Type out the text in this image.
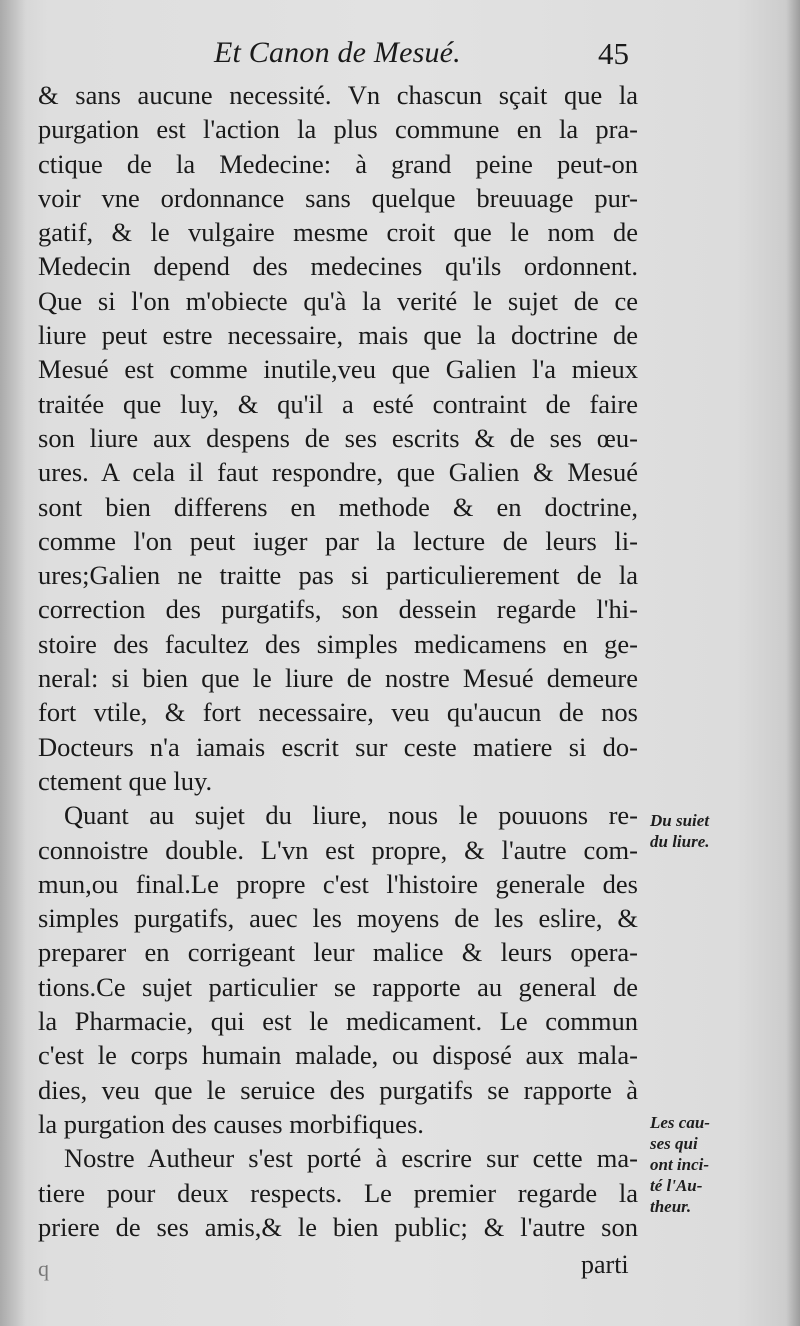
Et Canon de Mesué.	45
& sans aucune necessité. Vn chascun sçait que la
purgation est l'action la plus commune en la pra-
ctique de la Medecine: à grand peine peut-on
voir vne ordonnance sans quelque breuuage pur-
gatif, & le vulgaire mesme croit que le nom de
Medecin depend des medecines qu'ils ordonnent.
Que si l'on m'obiecte qu'à la verité le sujet de ce
liure peut estre necessaire, mais que la doctrine de
Mesué est comme inutile,veu que Galien l'a mieux
traitée que luy, & qu'il a esté contraint de faire
son liure aux despens de ses escrits & de ses œu-
ures. A cela il faut respondre, que Galien & Mesué
sont bien differens en methode & en doctrine,
comme l'on peut iuger par la lecture de leurs li-
ures;Galien ne traitte pas si particulierement de la
correction des purgatifs, son dessein regarde l'hi-
stoire des facultez des simples medicamens en ge-
neral: si bien que le liure de nostre Mesué demeure
fort vtile, & fort necessaire, veu qu'aucun de nos
Docteurs n'a iamais escrit sur ceste matiere si do-
ctement que luy.
Quant au sujet du liure, nous le pouuons re-
connoistre double. L'vn est propre, & l'autre com-
mun,ou final.Le propre c'est l'histoire generale des
simples purgatifs, auec les moyens de les eslire, &
preparer en corrigeant leur malice & leurs opera-
tions.Ce sujet particulier se rapporte au general de
la Pharmacie, qui est le medicament. Le commun
c'est le corps humain malade, ou disposé aux mala-
dies, veu que le seruice des purgatifs se rapporte à
la purgation des causes morbifiques.
Nostre Autheur s'est porté à escrire sur cette ma-
tiere pour deux respects. Le premier regarde la
priere de ses amis,& le bien public; & l'autre son
Du suiet
du liure.
Les cau-
ses qui
ont inci-
té l'Au-
theur.
q	parti
